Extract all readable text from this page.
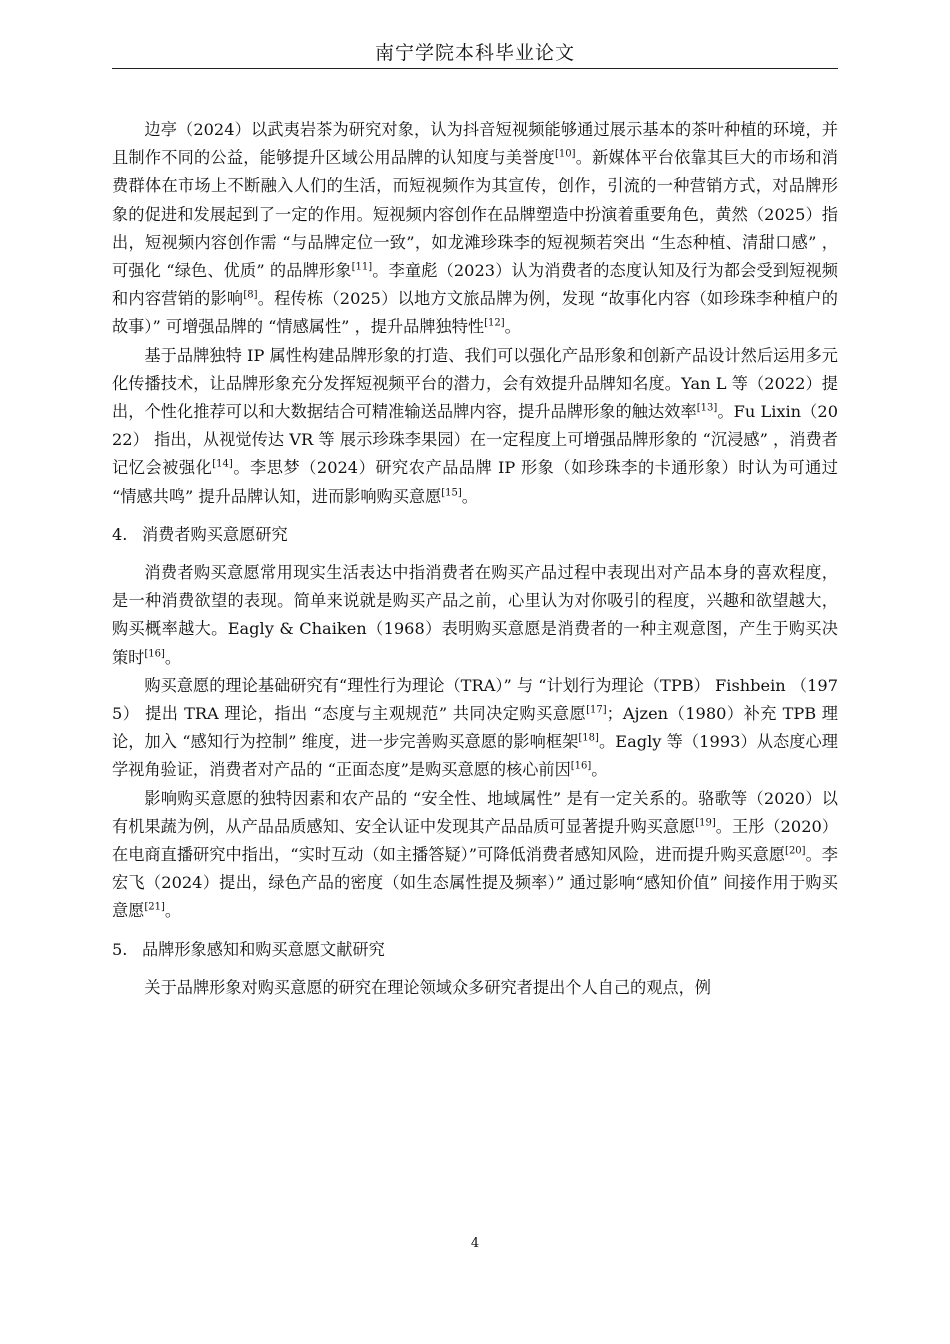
南宁学院本科毕业论文

边亭（2024）以武夷岩茶为研究对象，认为抖音短视频能够通过展示基本的茶叶种植的环境，并且制作不同的公益，能够提升区域公用品牌的认知度与美誉度[10]。新媒体平台依靠其巨大的市场和消费群体在市场上不断融入人们的生活，而短视频作为其宣传，创作，引流的一种营销方式，对品牌形象的促进和发展起到了一定的作用。短视频内容创作在品牌塑造中扮演着重要角色，黄然（2025）指出，短视频内容创作需 “与品牌定位一致”，如龙滩珍珠李的短视频若突出 “生态种植、清甜口感” ，可强化 “绿色、优质” 的品牌形象[11]。李童彪（2023）认为消费者的态度认知及行为都会受到短视频和内容营销的影响[8]。程传栋（2025）以地方文旅品牌为例，发现 “故事化内容（如珍珠李种植户的故事）” 可增强品牌的 “情感属性” ，提升品牌独特性[12]。

基于品牌独特 IP 属性构建品牌形象的打造、我们可以强化产品形象和创新产品设计然后运用多元化传播技术，让品牌形象充分发挥短视频平台的潜力，会有效提升品牌知名度。Yan L 等（2022）提出，个性化推荐可以和大数据结合可精准输送品牌内容，提升品牌形象的触达效率[13]。Fu Lixin（2022） 指出，从视觉传达 VR 等 展示珍珠李果园）在一定程度上可增强品牌形象的 “沉浸感” ，消费者记忆会被强化[14]。李思梦（2024）研究农产品品牌 IP 形象（如珍珠李的卡通形象）时认为可通过 “情感共鸣” 提升品牌认知，进而影响购买意愿[15]。

4. 消费者购买意愿研究

消费者购买意愿常用现实生活表达中指消费者在购买产品过程中表现出对产品本身的喜欢程度，是一种消费欲望的表现。简单来说就是购买产品之前，心里认为对你吸引的程度，兴趣和欲望越大，购买概率越大。Eagly & Chaiken（1968）表明购买意愿是消费者的一种主观意图，产生于购买决策时[16]。

购买意愿的理论基础研究有“理性行为理论（TRA）” 与 “计划行为理论（TPB） Fishbein （1975） 提出 TRA 理论，指出 “态度与主观规范” 共同决定购买意愿[17]；Ajzen（1980）补充 TPB 理论，加入 “感知行为控制” 维度，进一步完善购买意愿的影响框架[18]。Eagly 等（1993）从态度心理学视角验证，消费者对产品的 “正面态度”是购买意愿的核心前因[16]。

影响购买意愿的独特因素和农产品的 “安全性、地域属性” 是有一定关系的。骆歌等（2020）以有机果蔬为例，从产品品质感知、安全认证中发现其产品品质可显著提升购买意愿[19]。王彤（2020）在电商直播研究中指出，“实时互动（如主播答疑）”可降低消费者感知风险，进而提升购买意愿[20]。李宏飞（2024）提出，绿色产品的密度（如生态属性提及频率）” 通过影响“感知价值” 间接作用于购买意愿[21]。

5. 品牌形象感知和购买意愿文献研究

关于品牌形象对购买意愿的研究在理论领域众多研究者提出个人自己的观点，例

4
